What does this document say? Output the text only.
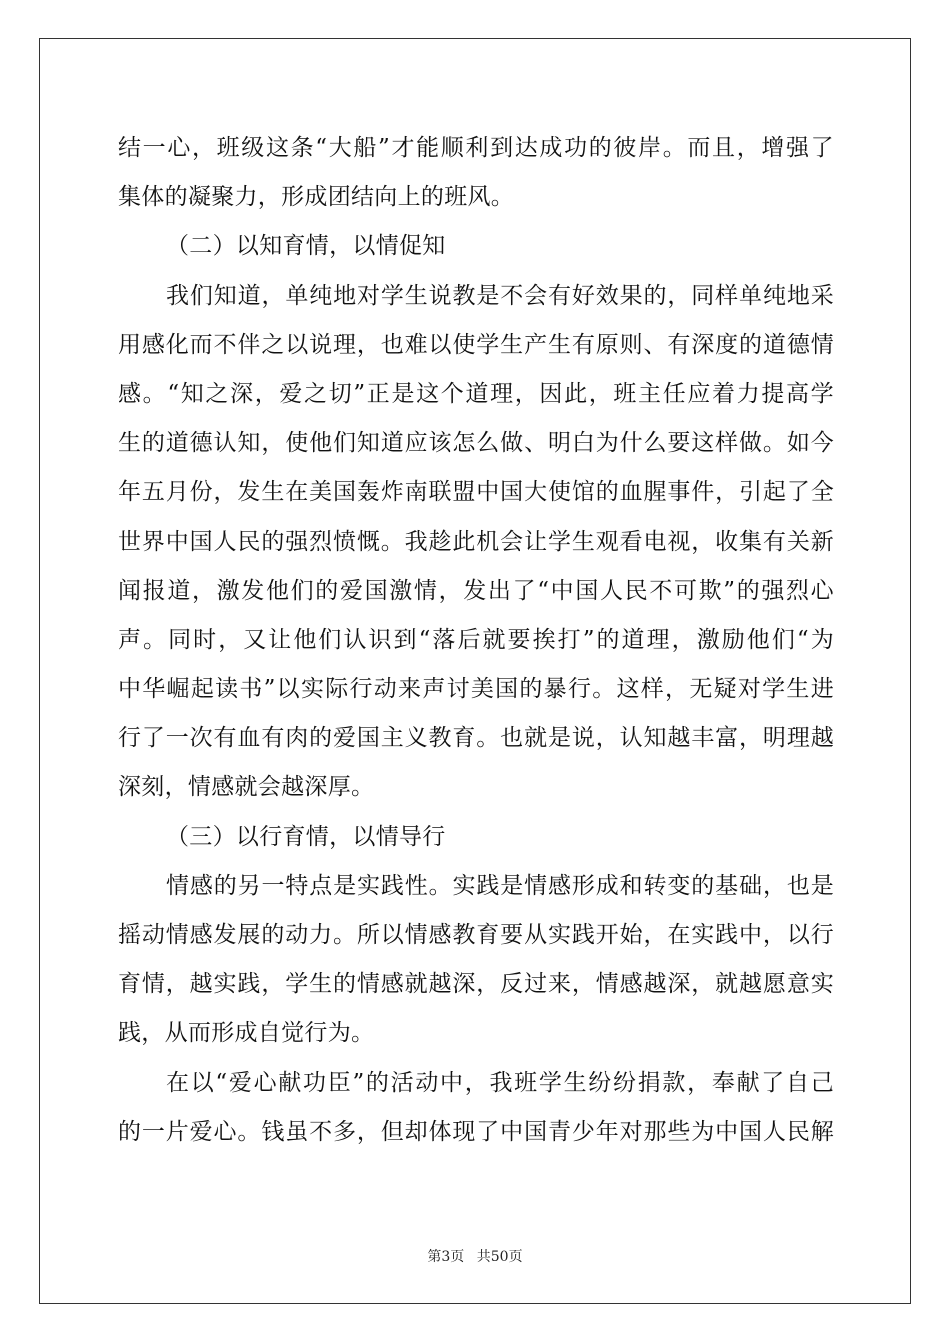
结一心，班级这条“大船”才能顺利到达成功的彼岸。而且，增强了
集体的凝聚力，形成团结向上的班风。
（二）以知育情，以情促知
我们知道，单纯地对学生说教是不会有好效果的，同样单纯地采
用感化而不伴之以说理，也难以使学生产生有原则、有深度的道德情
感。“知之深，爱之切”正是这个道理，因此，班主任应着力提高学
生的道德认知，使他们知道应该怎么做、明白为什么要这样做。如今
年五月份，发生在美国轰炸南联盟中国大使馆的血腥事件，引起了全
世界中国人民的强烈愤慨。我趁此机会让学生观看电视，收集有关新
闻报道，激发他们的爱国激情，发出了“中国人民不可欺”的强烈心
声。同时，又让他们认识到“落后就要挨打”的道理，激励他们“为
中华崛起读书”以实际行动来声讨美国的暴行。这样，无疑对学生进
行了一次有血有肉的爱国主义教育。也就是说，认知越丰富，明理越
深刻，情感就会越深厚。
（三）以行育情，以情导行
情感的另一特点是实践性。实践是情感形成和转变的基础，也是
摇动情感发展的动力。所以情感教育要从实践开始，在实践中，以行
育情，越实践，学生的情感就越深，反过来，情感越深，就越愿意实
践，从而形成自觉行为。
在以“爱心献功臣”的活动中，我班学生纷纷捐款，奉献了自己
的一片爱心。钱虽不多，但却体现了中国青少年对那些为中国人民解
第3页 共50页
